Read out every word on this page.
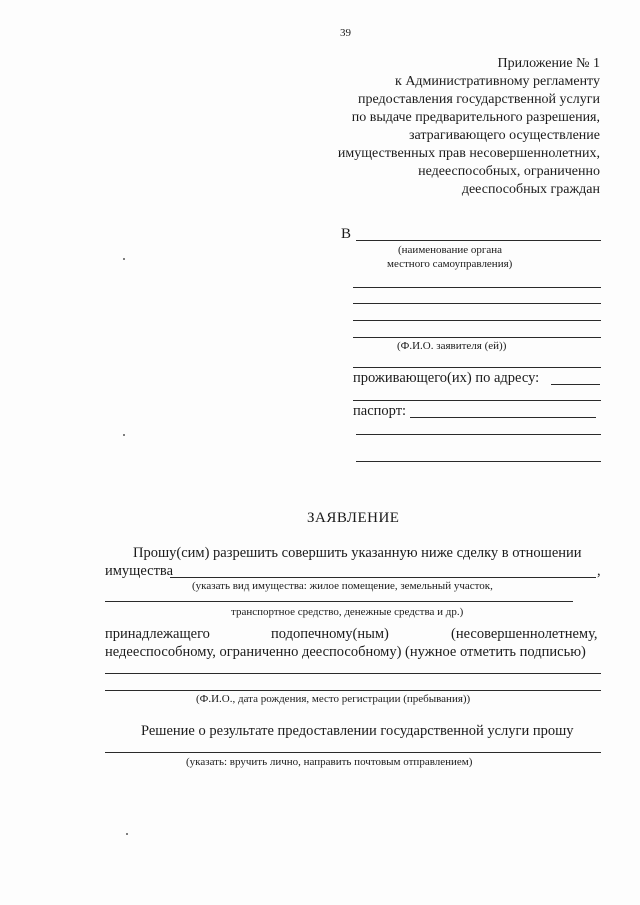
39
Приложение № 1
к Административному регламенту
предоставления государственной услуги
по выдаче предварительного разрешения,
затрагивающего осуществление
имущественных прав несовершеннолетних,
недееспособных, ограниченно
дееспособных граждан
В
(наименование органа
местного самоуправления)
(Ф.И.О. заявителя (ей))
проживающего(их) по адресу:
паспорт:
ЗАЯВЛЕНИЕ
Прошу(сим) разрешить совершить указанную ниже сделку в отношении
имущества	,
(указать вид имущества: жилое помещение, земельный участок,
транспортное средство, денежные средства и др.)
принадлежащего	подопечному(ным)	(несовершеннолетнему,
недееспособному, ограниченно дееспособному) (нужное отметить подписью)
(Ф.И.О., дата рождения, место регистрации (пребывания))
Решение о результате предоставлении государственной услуги прошу
(указать: вручить лично, направить почтовым отправлением)
